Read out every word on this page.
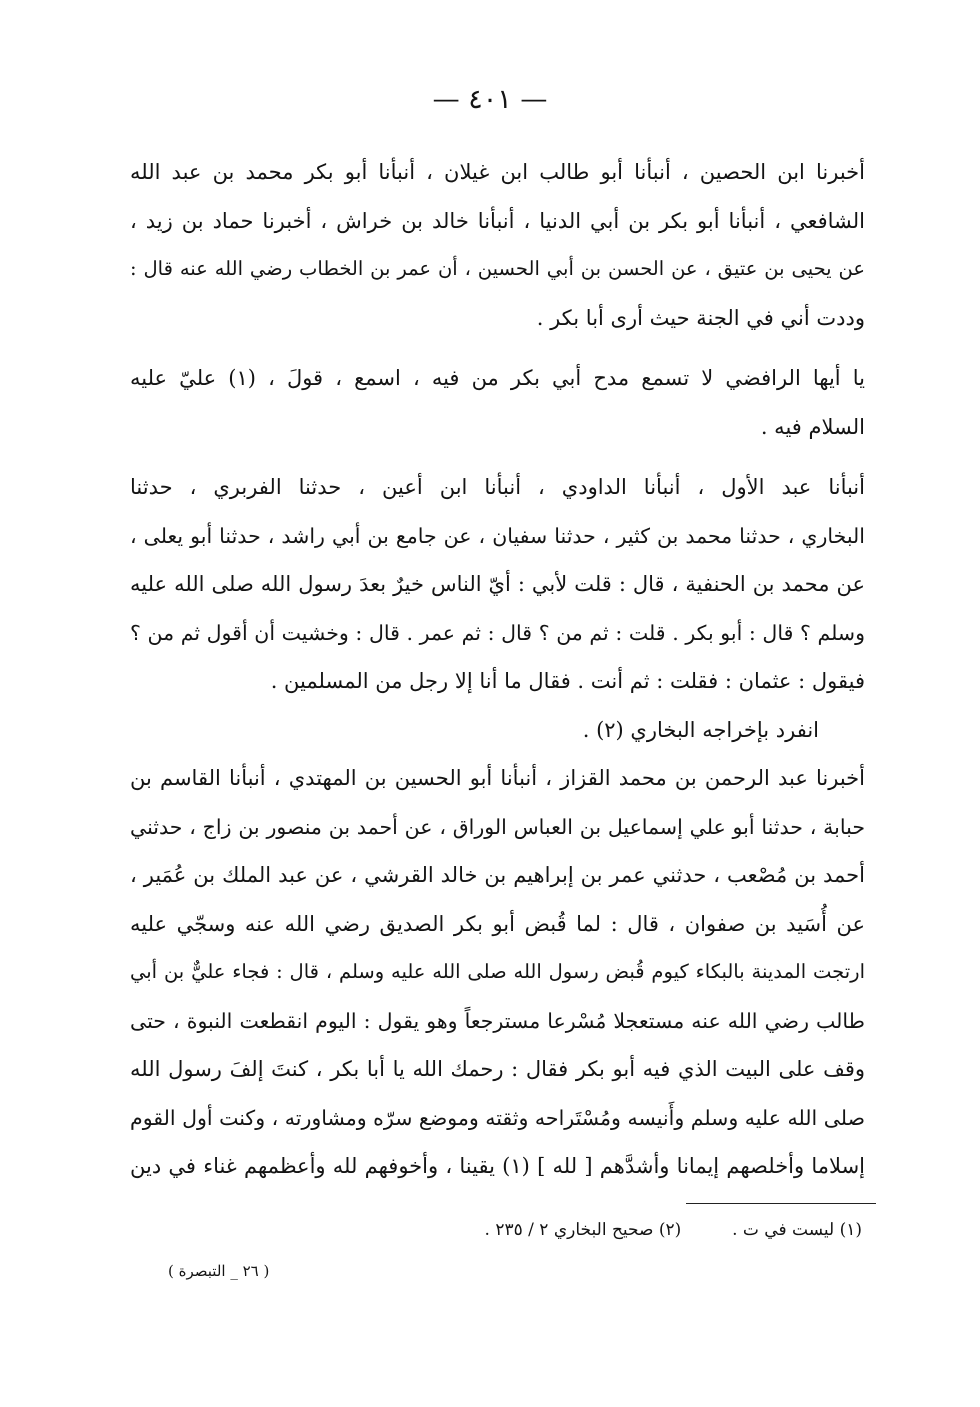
— ٤٠١ —
أخبرنا ابن الحصين ، أنبأنا أبو طالب ابن غيلان ، أنبأنا أبو بكر محمد بن عبد الله
الشافعي ، أنبأنا أبو بكر بن أبي الدنيا ، أنبأنا خالد بن خراش ، أخبرنا حماد بن زيد ،
عن يحيى بن عتيق ، عن الحسن بن أبي الحسين ، أن عمر بن الخطاب رضي الله عنه قال :
وددت أني في الجنة حيث أرى أبا بكر .
يا أيها الرافضي لا تسمع مدح أبي بكر من فيه ، اسمع ، قولَ ، (١) عليّ عليه
السلام فيه .
أنبأنا عبد الأول ، أنبأنا الداودي ، أنبأنا ابن أعين ، حدثنا الفربري ، حدثنا
البخاري ، حدثنا محمد بن كثير ، حدثنا سفيان ، عن جامع بن أبي راشد ، حدثنا أبو يعلى ،
عن محمد بن الحنفية ، قال : قلت لأبي : أيّ الناس خيرٌ بعدَ رسول الله صلى الله عليه
وسلم ؟ قال : أبو بكر . قلت : ثم من ؟ قال : ثم عمر . قال : وخشيت أن أقول ثم من ؟
فيقول : عثمان : فقلت : ثم أنت . فقال ما أنا إلا رجل من المسلمين .
انفرد بإخراجه البخاري (٢) .
أخبرنا عبد الرحمن بن محمد القزاز ، أنبأنا أبو الحسين بن المهتدي ، أنبأنا القاسم بن
حبابة ، حدثنا أبو علي إسماعيل بن العباس الوراق ، عن أحمد بن منصور بن زاج ، حدثني
أحمد بن مُصْعب ، حدثني عمر بن إبراهيم بن خالد القرشي ، عن عبد الملك بن عُمَير ،
عن أُسَيد بن صفوان ، قال : لما قُبض أبو بكر الصديق رضي الله عنه وسجّي عليه
ارتجت المدينة بالبكاء كيوم قُبض رسول الله صلى الله عليه وسلم ، قال : فجاء عليٌّ بن أبي
طالب رضي الله عنه مستعجلا مُسْرعا مسترجعاً وهو يقول : اليوم انقطعت النبوة ، حتى
وقف على البيت الذي فيه أبو بكر فقال : رحمك الله يا أبا بكر ، كنتَ إلفَ رسول الله
صلى الله عليه وسلم وأَنيسه ومُسْتَراحه وثقته وموضع سرّه ومشاورته ، وكنت أول القوم
إسلاما وأخلصهم إيمانا وأشدَّهم [ لله ] (١) يقينا ، وأخوفهم لله وأعظمهم غناء في دين
(١) ليست في ت .  (٢) صحيح البخاري ٢ / ٢٣٥ .
( ٢٦ _ التبصرة )
